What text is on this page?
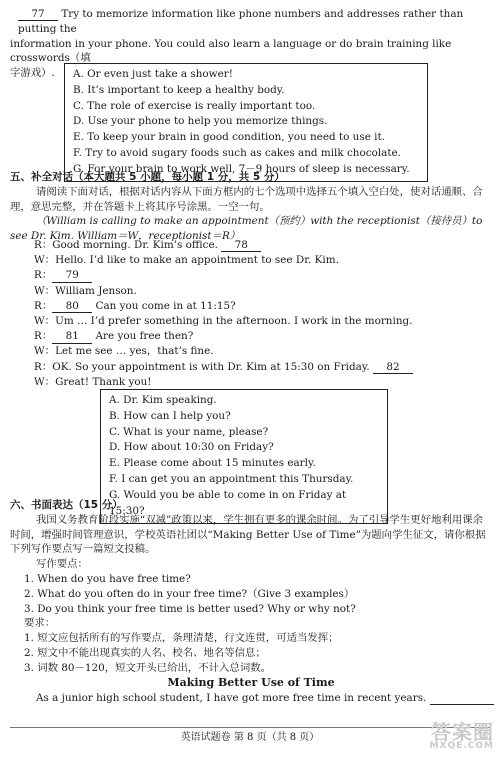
77 Try to memorize information like phone numbers and addresses rather than putting the

information in your phone. You could also learn a language or do brain training like crosswords（填

字游戏）.	A. Or even just take a shower!
B. It’s important to keep a healthy body.
C. The role of exercise is really important too.
D. Use your phone to help you memorize things.
E. To keep your brain in good condition, you need to use it.
F. Try to avoid sugary foods such as cakes and milk chocolate.
G. For your brain to work well, 7－9 hours of sleep is necessary.

五、补全对话（本大题共 5 小题，每小题 1 分，共 5 分）

请阅读下面对话，根据对话内容从下面方框内的七个选项中选择五个填入空白处，使对话通顺、合理，意思完整，并在答题卡上将其序号涂黑。一空一句。

（William is calling to make an appointment（预约）with the receptionist（接待员）to see Dr. Kim. William＝W，receptionist＝R）

R：Good morning. Dr. Kim’s office. 78
W：Hello. I’d like to make an appointment to see Dr. Kim.
R： 79
W：William Jenson.
R： 80 Can you come in at 11:15?
W：Um … I’d prefer something in the afternoon. I work in the morning.
R： 81 Are you free then?
W：Let me see … yes，that’s fine.
R：OK. So your appointment is with Dr. Kim at 15:30 on Friday. 82
W：Great! Thank you!
A. Dr. Kim speaking.
B. How can I help you?
C. What is your name, please?
D. How about 10:30 on Friday?
E. Please come about 15 minutes early.
F. I can get you an appointment this Thursday.
G. Would you be able to come in on Friday at 15:30?

六、书面表达（15 分）

我国义务教育阶段实施“双减”政策以来，学生拥有更多的课余时间。为了引导学生更好地利用课余时间，增强时间管理意识，学校英语社团以“Making Better Use of Time”为题向学生征文，请你根据下列写作要点写一篇短文投稿。

写作要点：

1. When do you have free time?

2. What do you often do in your free time?（Give 3 examples）

3. Do you think your free time is better used? Why or why not?

要求：

1. 短文应包括所有的写作要点，条理清楚，行文连贯，可适当发挥；

2. 短文中不能出现真实的人名、校名、地名等信息；

3. 词数 80－120，短文开头已给出，不计入总词数。

Making Better Use of Time

As a junior high school student, I have got more free time in recent years.

英语试题卷 第 8 页（共 8 页）	答案圈
MXQE.COM
